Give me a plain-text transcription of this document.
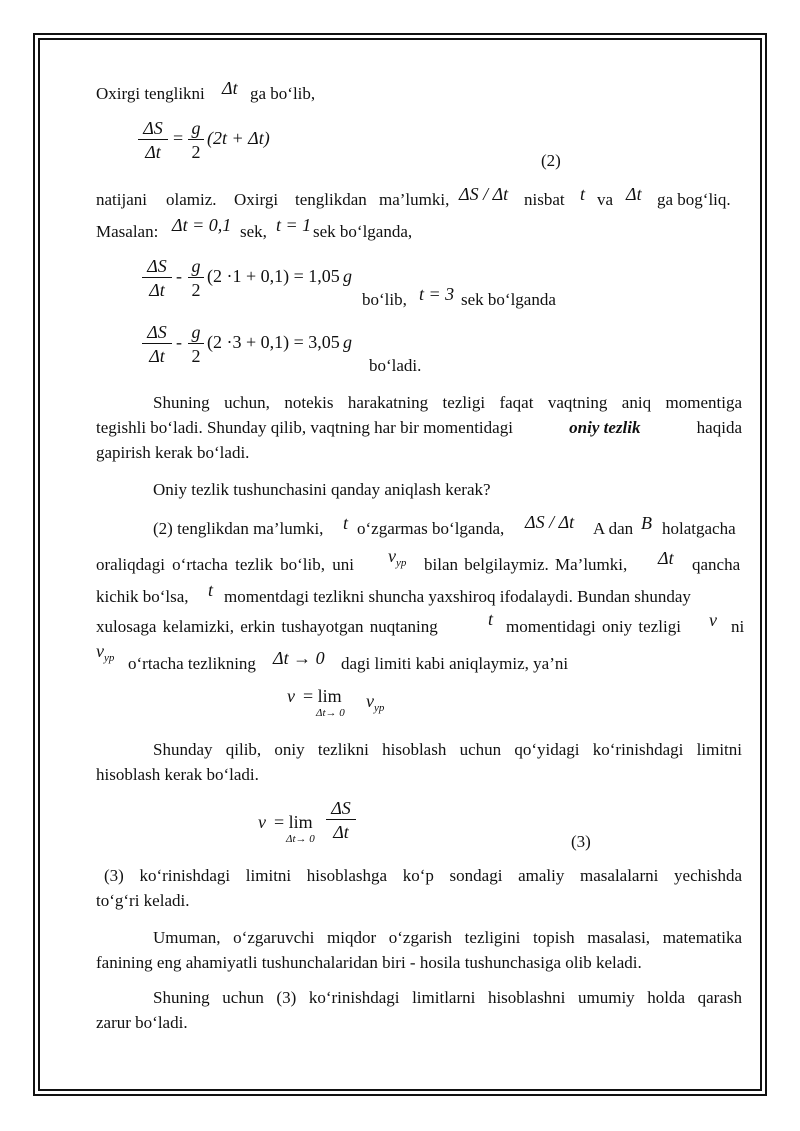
Oxirgi tenglikni Δt ga bo‘lib,
$\frac{\Delta S}{\Delta t} = \frac{g}{2} (2t + \Delta t)$
(2)
natijani olamiz. Oxirgi tenglikdan ma’lumki, ΔS / Δt nisbat t va Δt ga bog‘liq.
Masalan: Δt = 0,1 sek, t = 1 sek bo‘lganda,
$\frac{\Delta S}{\Delta t} - \frac{g}{2} (2 \cdot 1 + 0,1) = 1,05$ g
bo‘lib, t = 3 sek bo‘lganda
$\frac{\Delta S}{\Delta t} - \frac{g}{2} (2 \cdot 3 + 0,1) = 3,05$ g
bo‘ladi.
Shuning uchun, notekis harakatning tezligi faqat vaqtning aniq momentiga
tegishli bo‘ladi. Shunday qilib, vaqtning har bir momentidagi	oniy tezlik	haqida
gapirish kerak bo‘ladi.
Oniy tezlik tushunchasini qanday aniqlash kerak?
(2) tenglikdan ma’lumki, t o‘zgarmas bo‘lganda, ΔS / Δt A dan B holatgacha
oraliqdagi o‘rtacha tezlik bo‘lib, uni $v_{yp}$ bilan belgilaymiz. Ma’lumki, Δt qancha
kichik bo‘lsa, t momentdagi tezlikni shuncha yaxshiroq ifodalaydi. Bundan shunday
xulosaga kelamizki, erkin tushayotgan nuqtaning	t momentidagi oniy tezligi v ni
$v_{yp}$ o‘rtacha tezlikning Δt → 0 dagi limiti kabi aniqlaymiz, ya’ni
v = lim
Δt→ 0
$v_{yp}$
Shunday qilib, oniy tezlikni hisoblash uchun qo‘yidagi ko‘rinishdagi limitni
hisoblash kerak bo‘ladi.
v = lim
$\Delta t\to 0 \frac{\Delta S}{\Delta t}$	(3)
(3) ko‘rinishdagi limitni hisoblashga ko‘p sondagi amaliy masalalarni yechishda
to‘g‘ri keladi.
Umuman, o‘zgaruvchi miqdor o‘zgarish tezligini topish masalasi, matematika
fanining eng ahamiyatli tushunchalaridan biri - hosila tushunchasiga olib keladi.
Shuning uchun (3) ko‘rinishdagi limitlarni hisoblashni umumiy holda qarash
zarur bo‘ladi.
